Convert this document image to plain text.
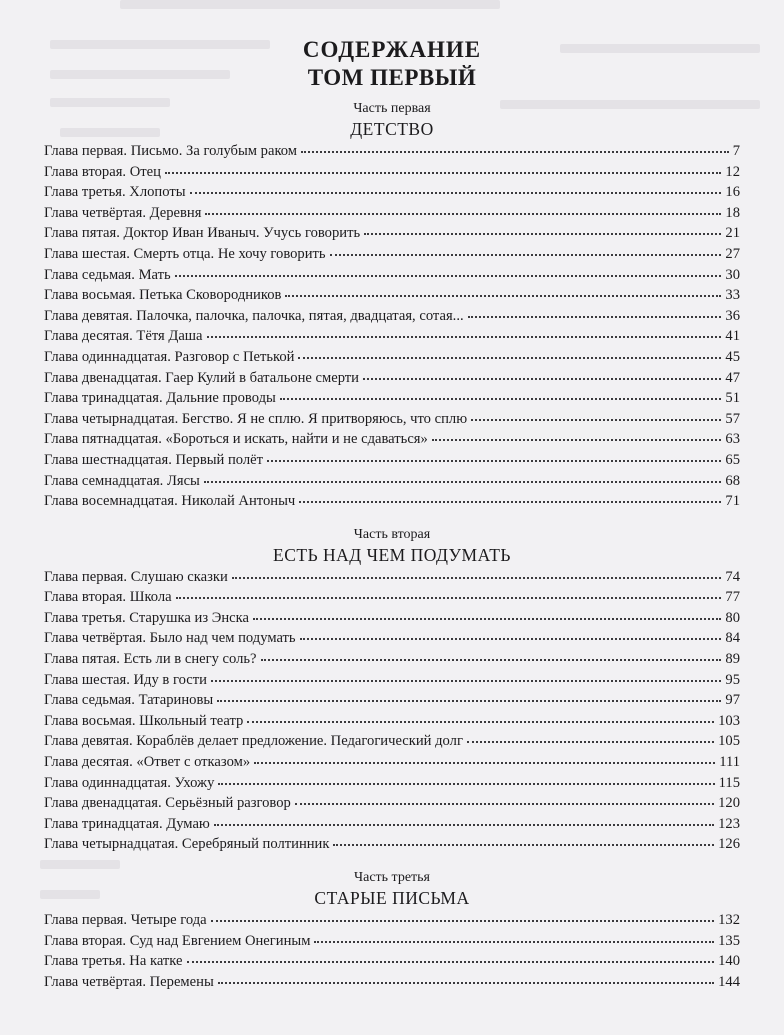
СОДЕРЖАНИЕ
ТОМ ПЕРВЫЙ
Часть первая
ДЕТСТВО
Глава первая. Письмо. За голубым раком	7
Глава вторая. Отец	12
Глава третья. Хлопоты	16
Глава четвёртая. Деревня	18
Глава пятая. Доктор Иван Иваныч. Учусь говорить	21
Глава шестая. Смерть отца. Не хочу говорить	27
Глава седьмая. Мать	30
Глава восьмая. Петька Сковородников	33
Глава девятая. Палочка, палочка, палочка, пятая, двадцатая, сотая...	36
Глава десятая. Тётя Даша	41
Глава одиннадцатая. Разговор с Петькой	45
Глава двенадцатая. Гаер Кулий в батальоне смерти	47
Глава тринадцатая. Дальние проводы	51
Глава четырнадцатая. Бегство. Я не сплю. Я притворяюсь, что сплю	57
Глава пятнадцатая. «Бороться и искать, найти и не сдаваться»	63
Глава шестнадцатая. Первый полёт	65
Глава семнадцатая. Лясы	68
Глава восемнадцатая. Николай Антоныч	71
Часть вторая
ЕСТЬ НАД ЧЕМ ПОДУМАТЬ
Глава первая. Слушаю сказки	74
Глава вторая. Школа	77
Глава третья. Старушка из Энска	80
Глава четвёртая. Было над чем подумать	84
Глава пятая. Есть ли в снегу соль?	89
Глава шестая. Иду в гости	95
Глава седьмая. Татариновы	97
Глава восьмая. Школьный театр	103
Глава девятая. Кораблёв делает предложение. Педагогический долг	105
Глава десятая. «Ответ с отказом»	111
Глава одиннадцатая. Ухожу	115
Глава двенадцатая. Серьёзный разговор	120
Глава тринадцатая. Думаю	123
Глава четырнадцатая. Серебряный полтинник	126
Часть третья
СТАРЫЕ ПИСЬМА
Глава первая. Четыре года	132
Глава вторая. Суд над Евгением Онегиным	135
Глава третья. На катке	140
Глава четвёртая. Перемены	144
